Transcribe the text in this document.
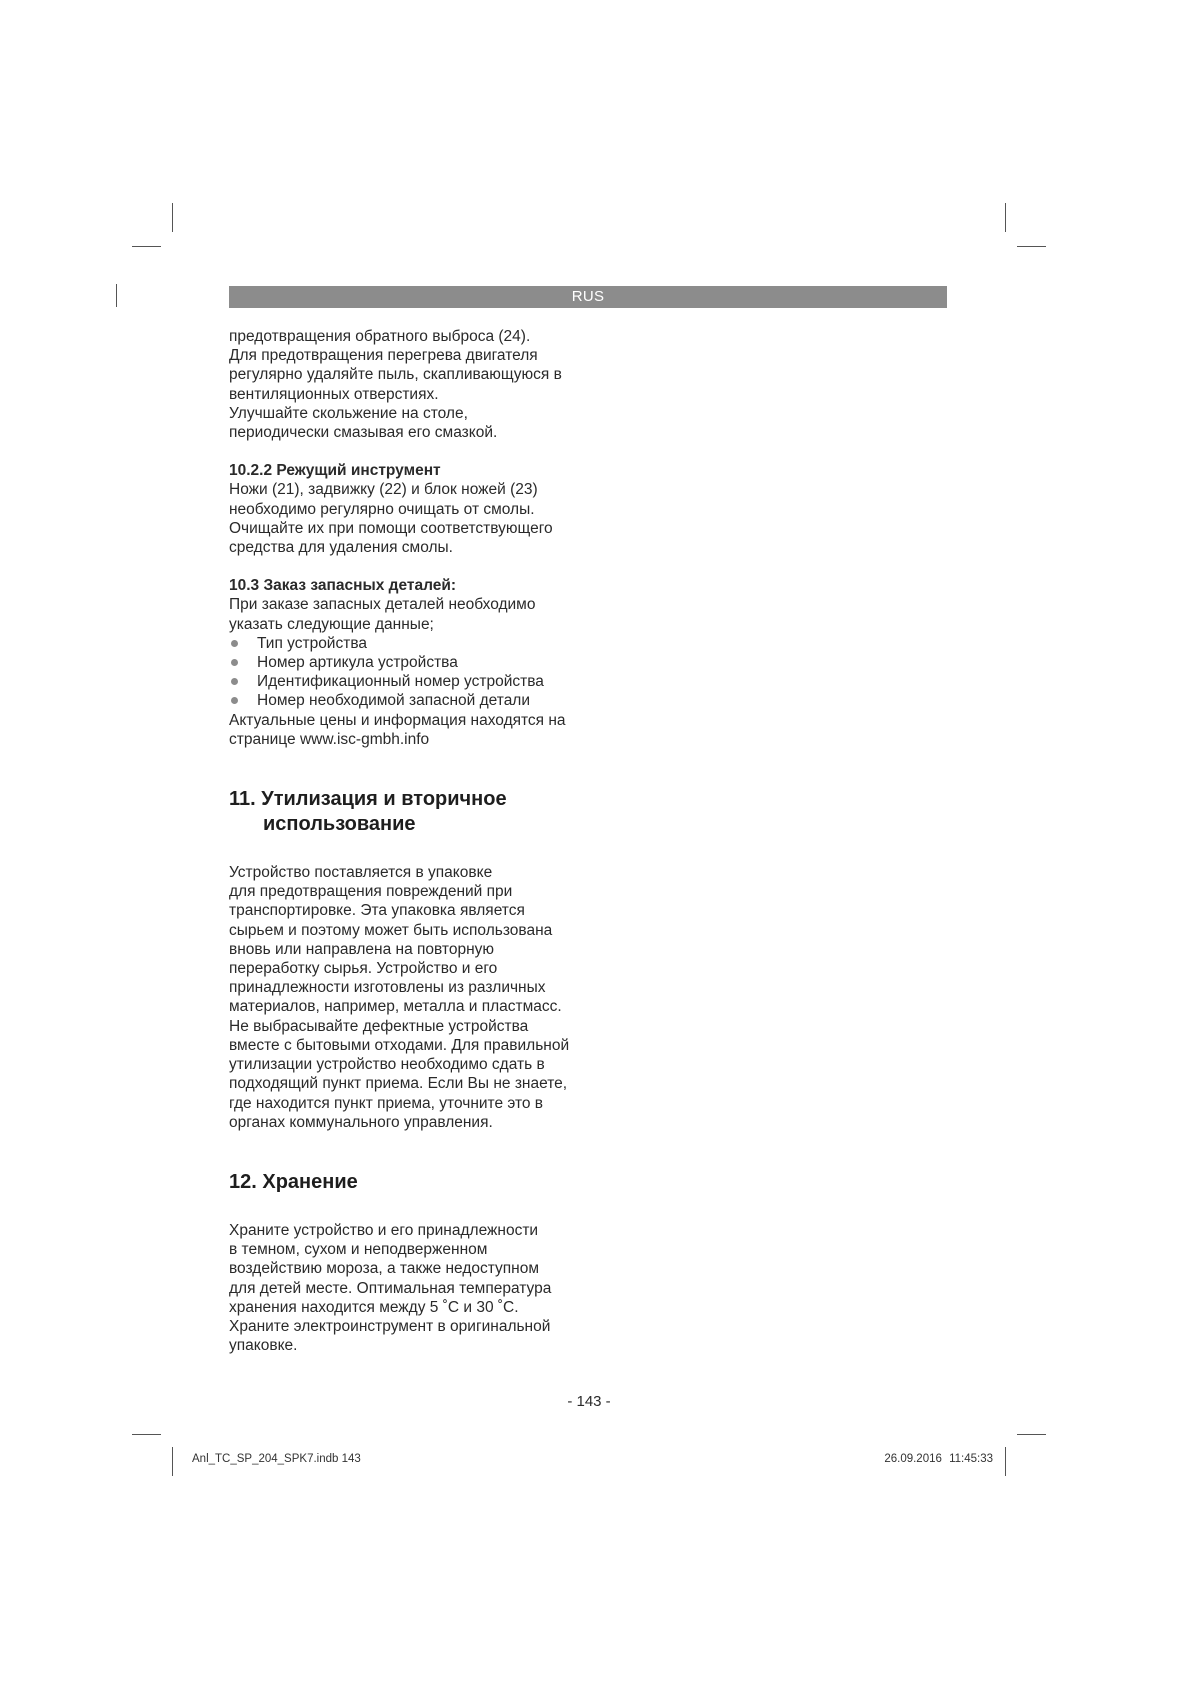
RUS

предотвращения обратного выброса (24).

Для предотвращения перегрева двигателя

регулярно удаляйте пыль, скапливающуюся в

вентиляционных отверстиях.

Улучшайте скольжение на столе,

периодически смазывая его смазкой.

10.2.2 Режущий инструмент

Ножи (21), задвижку (22) и блок ножей (23)

необходимо регулярно очищать от смолы.

Очищайте их при помощи соответствующего

средства для удаления смолы.

10.3 Заказ запасных деталей:

При заказе запасных деталей необходимо

указать следующие данные;

Тип устройства
Номер артикула устройства
Идентификационный номер устройства
Номер необходимой запасной детали

Актуальные цены и информация находятся на

странице www.isc-gmbh.info

11. Утилизация и вторичное
использование

Устройство поставляется в упаковке

для предотвращения повреждений при

транспортировке. Эта упаковка является

сырьем и поэтому может быть использована

вновь или направлена на повторную

переработку сырья. Устройство и его

принадлежности изготовлены из различных

материалов, например, металла и пластмасс.

Не выбрасывайте дефектные устройства

вместе с бытовыми отходами. Для правильной

утилизации устройство необходимо сдать в

подходящий пункт приема. Если Вы не знаете,

где находится пункт приема, уточните это в

органах коммунального управления.

12. Хранение

Храните устройство и его принадлежности

в темном, сухом и неподверженном

воздействию мороза, а также недоступном

для детей месте. Оптимальная температура

хранения находится между 5 ˚C и 30 ˚C.

Храните электроинструмент в оригинальной

упаковке.

- 143 -
Anl_TC_SP_204_SPK7.indb 143	26.09.2016 11:45:33
